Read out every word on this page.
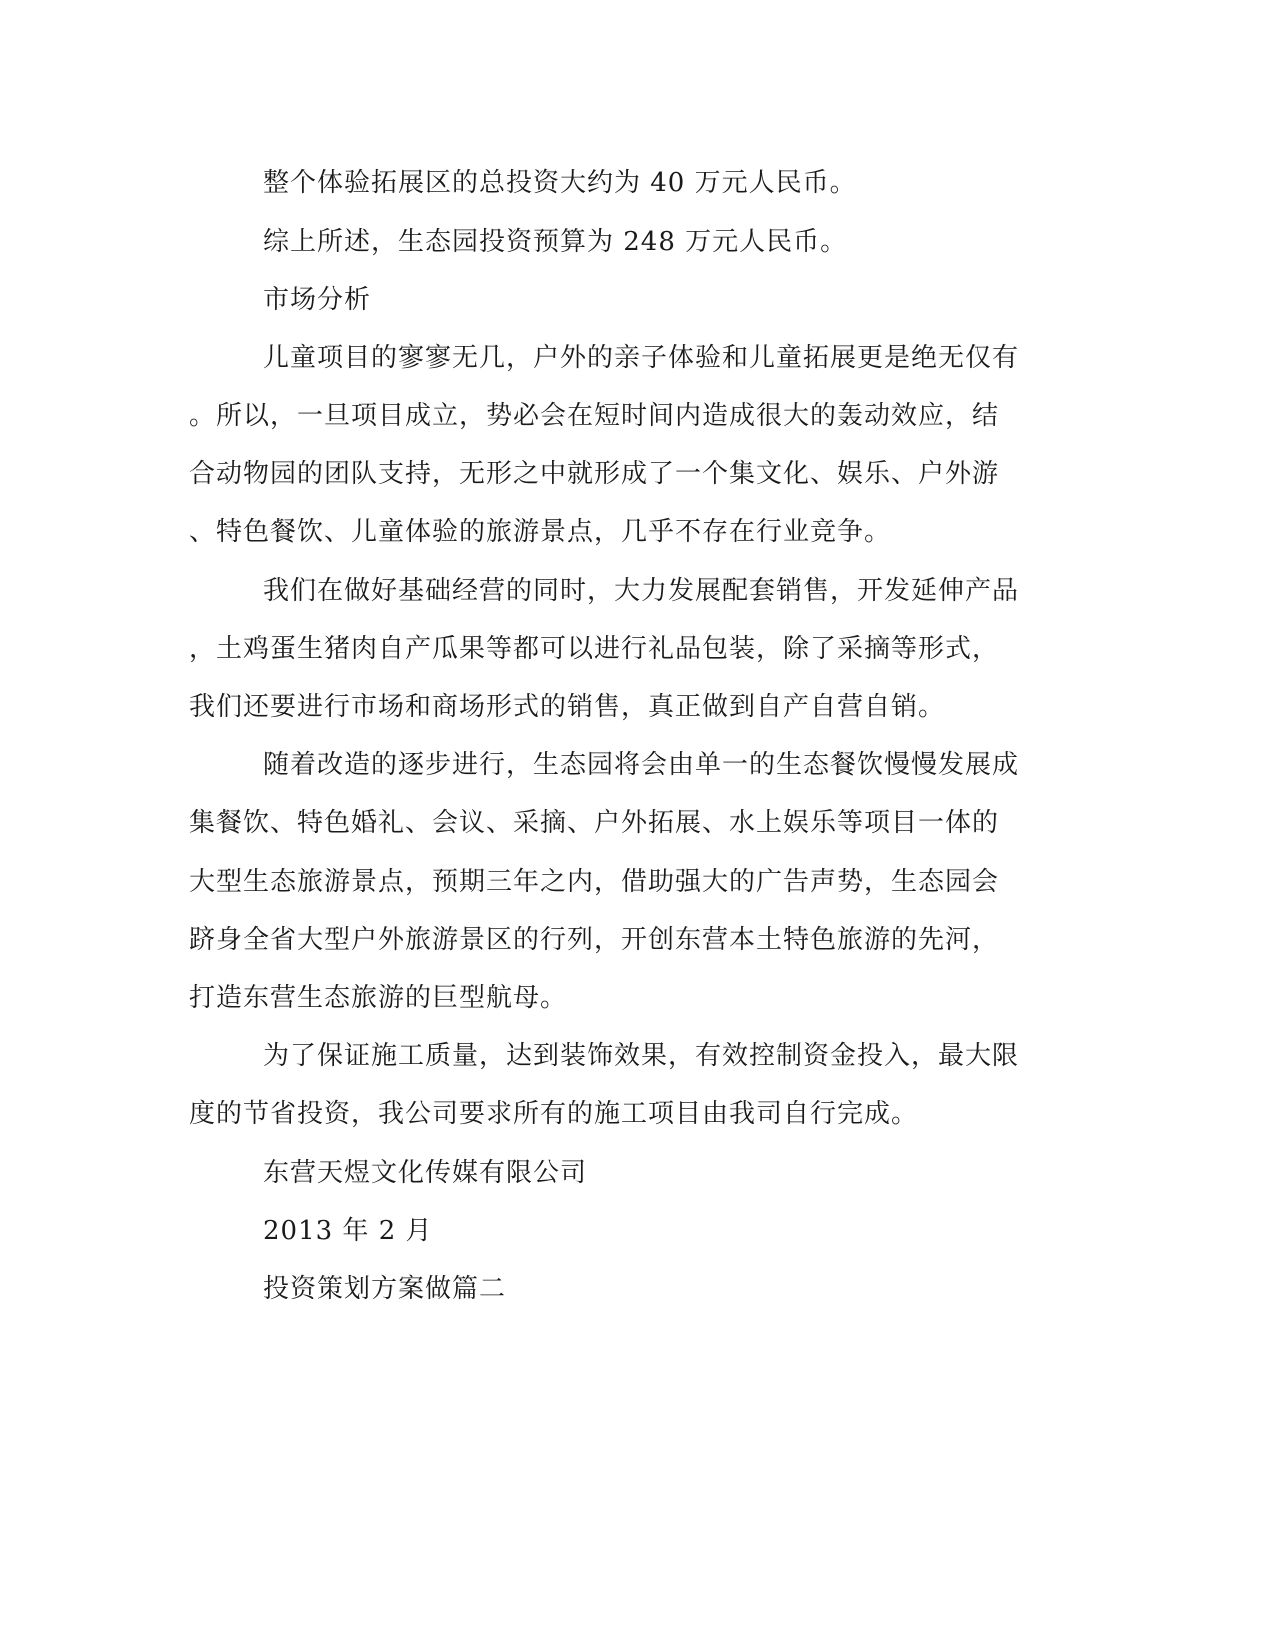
整个体验拓展区的总投资大约为 40 万元人民币。
综上所述，生态园投资预算为 248 万元人民币。
市场分析
儿童项目的寥寥无几，户外的亲子体验和儿童拓展更是绝无仅有
。所以，一旦项目成立，势必会在短时间内造成很大的轰动效应，结
合动物园的团队支持，无形之中就形成了一个集文化、娱乐、户外游
、特色餐饮、儿童体验的旅游景点，几乎不存在行业竞争。
我们在做好基础经营的同时，大力发展配套销售，开发延伸产品
，土鸡蛋生猪肉自产瓜果等都可以进行礼品包装，除了采摘等形式，
我们还要进行市场和商场形式的销售，真正做到自产自营自销。
随着改造的逐步进行，生态园将会由单一的生态餐饮慢慢发展成
集餐饮、特色婚礼、会议、采摘、户外拓展、水上娱乐等项目一体的
大型生态旅游景点，预期三年之内，借助强大的广告声势，生态园会
跻身全省大型户外旅游景区的行列，开创东营本土特色旅游的先河，
打造东营生态旅游的巨型航母。
为了保证施工质量，达到装饰效果，有效控制资金投入，最大限
度的节省投资，我公司要求所有的施工项目由我司自行完成。
东营天煜文化传媒有限公司
2013 年 2 月
投资策划方案做篇二
